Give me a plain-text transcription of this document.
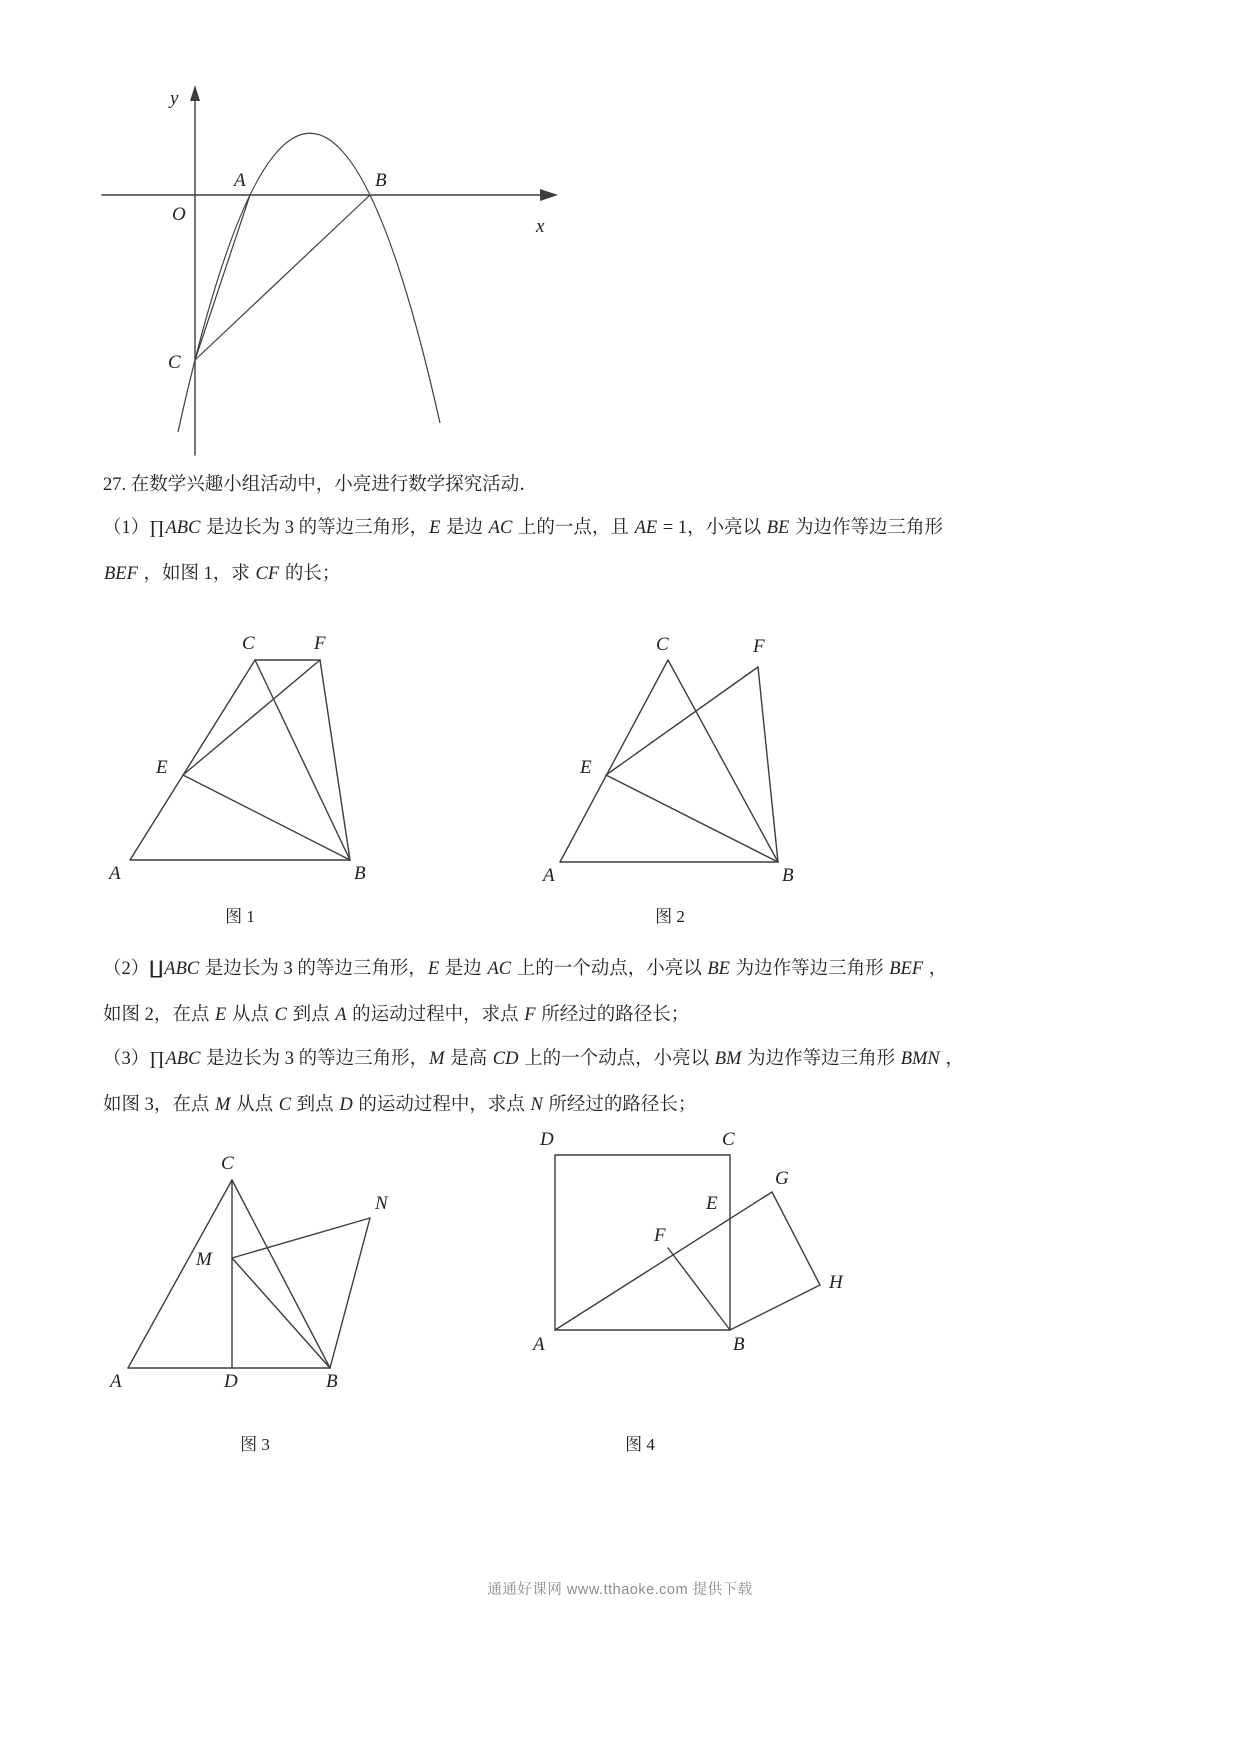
y
x
O
A	B
C
27. 在数学兴趣小组活动中，小亮进行数学探究活动．
（1）∏ABC 是边长为 3 的等边三角形，E 是边 AC 上的一点，且 AE = 1，小亮以 BE 为边作等边三角形
BEF ，如图 1，求 CF 的长；
A	B
C	F
E
A	B
C	F
E
图 1	图 2
（2）∐ABC 是边长为 3 的等边三角形，E 是边 AC 上的一个动点，小亮以 BE 为边作等边三角形 BEF ，
如图 2，在点 E 从点 C 到点 A 的运动过程中，求点 F 所经过的路径长；
（3）∏ABC 是边长为 3 的等边三角形，M 是高 CD 上的一个动点，小亮以 BM 为边作等边三角形 BMN ，
如图 3，在点 M 从点 C 到点 D 的运动过程中，求点 N 所经过的路径长；
A	D	B
C
M
N
D	C
A	B
G
H
E
F
图 3	图 4
通通好课网 www.tthaoke.com 提供下载
